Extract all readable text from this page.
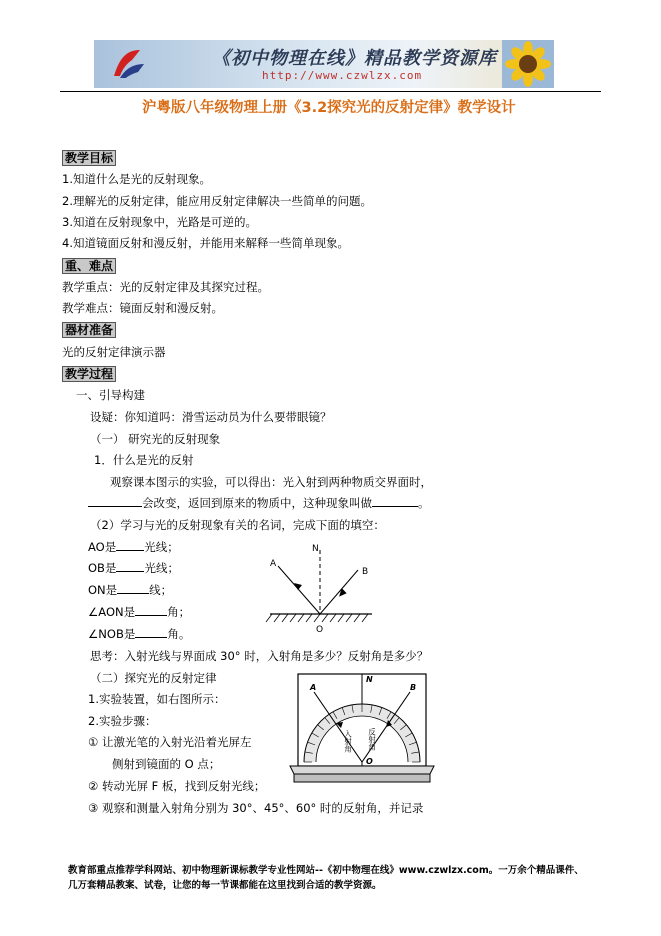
《初中物理在线》精品教学资源库
http://www.czwlzx.com
沪粤版八年级物理上册《3.2探究光的反射定律》教学设计
教学目标
1.知道什么是光的反射现象。
2.理解光的反射定律，能应用反射定律解决一些简单的问题。
3.知道在反射现象中，光路是可逆的。
4.知道镜面反射和漫反射，并能用来解释一些简单现象。
重、难点
教学重点：光的反射定律及其探究过程。
教学难点：镜面反射和漫反射。
器材准备
光的反射定律演示器
教学过程
一、引导构建
设疑：你知道吗：滑雪运动员为什么要带眼镜？
（一） 研究光的反射现象
1．什么是光的反射
观察课本图示的实验，可以得出：光入射到两种物质交界面时，
会改变，返回到原来的物质中，这种现象叫做	。
（2）学习与光的反射现象有关的名词，完成下面的填空：
AO是 光线；
OB是 光线；
ON是	线；
∠AON是	角；
∠NOB是	角。
N
A
B
O
思考：入射光线与界面成 30° 时，入射角是多少？反射角是多少？
（二）探究光的反射定律
1.实验装置，如右图所示：
2.实验步骤：
① 让激光笔的入射光沿着光屏左
侧射到镜面的 O 点；
② 转动光屏 F 板，找到反射光线；
③ 观察和测量入射角分别为 30°、45°、60° 时的反射角，并记录
入射角 反射角
N
A	B
O
教育部重点推荐学科网站、初中物理新课标教学专业性网站--《初中物理在线》www.czwlzx.com。一万余个精品课件、
几万套精品教案、试卷，让您的每一节课都能在这里找到合适的教学资源。
